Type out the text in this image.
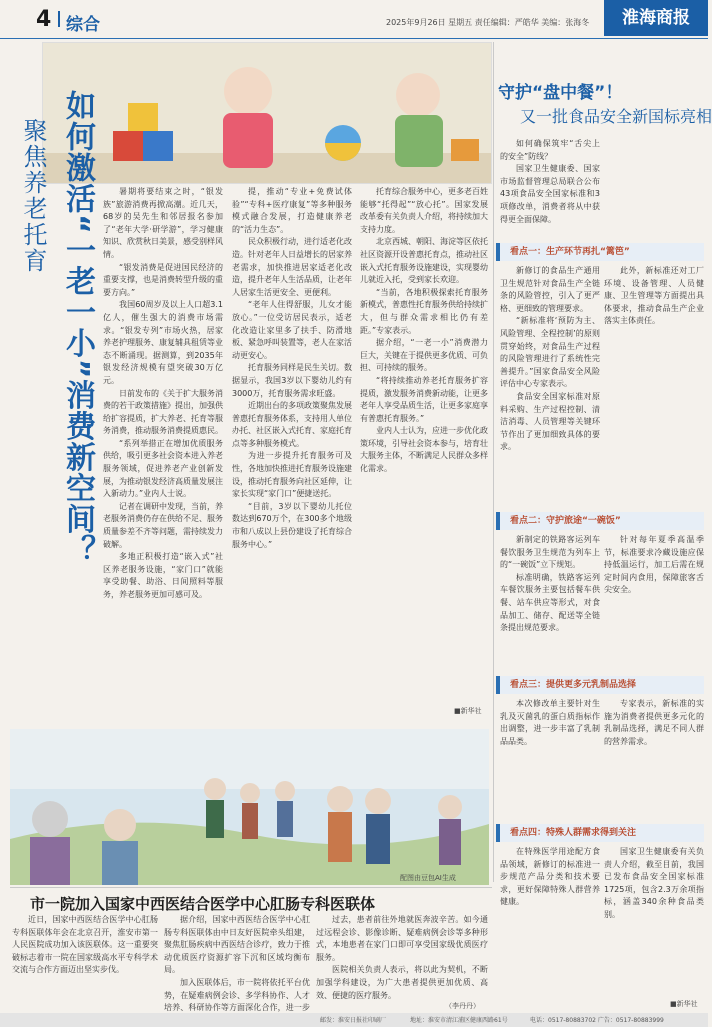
4 综合	2025年9月26日 星期五 责任编辑：严皓华 美编：张海冬	淮海商报
如何激活“一老一小”消费新空间？
聚焦养老托育	暑期将要结束之时，“银发族”旅游消费再掀高潮。近几天，68岁的吴先生和邻居报名参加了“老年大学·研学游”，学习健康知识、欣赏秋日美景，感受别样风情。

“银发消费是促进国民经济的重要支撑，也是消费转型升级的重要方向。”

我国60周岁及以上人口超3.1亿人，催生强大的消费市场需求。“银发专列”市场火热，居家养老护理服务、康复辅具租赁等业态不断涌现。据测算，到2035年银发经济规模有望突破30万亿元。

日前发布的《关于扩大服务消费的若干政策措施》提出，加强供给扩容提质，扩大养老、托育等服务消费，推动服务消费提质惠民。

“系列举措正在增加优质服务供给，吸引更多社会资本进入养老服务领域，促进养老产业创新发展，为推动银发经济高质量发展注入新动力。”业内人士说。

记者在调研中发现，当前，养老服务消费仍存在供给不足、服务质量参差不齐等问题，需持续发力破解。

多地正积极打造“嵌入式”社区养老服务设施，“家门口”就能享受助餐、助浴、日间照料等服务，养老服务更加可感可及。

提，推动“专业+免费试体验”“专科+医疗康复”等多种服务模式融合发展，打造健康养老的“活力生态”。

民众积极行动，进行适老化改造。针对老年人日益增长的居家养老需求，加快推进居家适老化改造，提升老年人生活品质，让老年人居家生活更安全、更便利。

“老年人住得舒服，儿女才能放心。”一位受访居民表示，适老化改造让家里多了扶手、防滑地板、紧急呼叫装置等，老人在家活动更安心。

托育服务同样是民生关切。数据显示，我国3岁以下婴幼儿约有3000万，托育服务需求旺盛。

近期出台的多项政策聚焦发展普惠托育服务体系，支持用人单位办托、社区嵌入式托育、家庭托育点等多种服务模式。

为进一步提升托育服务可及性，各地加快推进托育服务设施建设，推动托育服务向社区延伸，让家长实现“家门口”便捷送托。

“目前，3岁以下婴幼儿托位数达到670万个，在300多个地级市和八成以上县份建设了托育综合服务中心。”

托育综合服务中心，更多老百姓能够“托得起”“放心托”。国家发展改革委有关负责人介绍，将持续加大支持力度。

北京西城、朝阳、海淀等区依托社区资源开设普惠托育点，推动社区嵌入式托育服务设施建设，实现婴幼儿就近入托，受到家长欢迎。

“当前，各地积极探索托育服务新模式，普惠性托育服务供给持续扩大，但与群众需求相比仍有差距。”专家表示。

据介绍，“一老一小”消费潜力巨大，关键在于提供更多优质、可负担、可持续的服务。

“将持续推动养老托育服务扩容提质，激发服务消费新动能，让更多老年人享受品质生活，让更多家庭享有普惠托育服务。”

业内人士认为，应进一步优化政策环境，引导社会资本参与，培育壮大服务主体，不断满足人民群众多样化需求。

■新华社
配图由豆包AI生成
守护“盘中餐”！
又一批食品安全新国标亮相

如何确保筑牢“舌尖上的安全”防线？

国家卫生健康委、国家市场监督管理总局联合公布43项食品安全国家标准和3项修改单，消费者将从中获得更全面保障。

看点一：生产环节再扎“篱笆”

新修订的食品生产通用卫生规范针对食品生产全链条的风险管控，引入了更严格、更细致的管理要求。

“新标准将‘预防为主、风险管理、全程控制’的原则贯穿始终，对食品生产过程的风险管理进行了系统性完善提升。”国家食品安全风险评估中心专家表示。

食品安全国家标准对原料采购、生产过程控制、清洁消毒、人员管理等关键环节作出了更加细致具体的要求。

此外，新标准还对工厂环境、设备管理、人员健康、卫生管理等方面提出具体要求，推动食品生产企业落实主体责任。

看点二：守护旅途“一碗饭”

新制定的铁路客运列车餐饮服务卫生规范为列车上的“一碗饭”立下规矩。

标准明确，铁路客运列车餐饮服务主要包括餐车供餐、站车供应等形式，对食品加工、储存、配送等全链条提出规范要求。

针对每年夏季高温季节，标准要求冷藏设施应保持低温运行，加工后需在规定时间内食用，保障旅客舌尖安全。

看点三：提供更多元乳制品选择

本次修改单主要针对生乳及灭菌乳的蛋白质指标作出调整，进一步丰富了乳制品品类。

专家表示，新标准的实施为消费者提供更多元化的乳制品选择，满足不同人群的营养需求。

看点四：特殊人群需求得到关注

在特殊医学用途配方食品领域，新修订的标准进一步规范产品分类和技术要求，更好保障特殊人群营养健康。

国家卫生健康委有关负责人介绍，截至目前，我国已发布食品安全国家标准1725项，包含2.3万余项指标，涵盖340余种食品类别。

■新华社
市一院加入国家中西医结合医学中心肛肠专科医联体

近日，国家中西医结合医学中心肛肠专科医联体年会在北京召开，淮安市第一人民医院成功加入该医联体。这一重要突破标志着市一院在国家级高水平专科学术交流与合作方面迈出坚实步伐。

据介绍，国家中西医结合医学中心肛肠专科医联体由中日友好医院牵头组建，聚焦肛肠疾病中西医结合诊疗，致力于推动优质医疗资源扩容下沉和区域均衡布局。

加入医联体后，市一院将依托平台优势，在疑难病例会诊、多学科协作、人才培养、科研协作等方面深化合作，进一步

过去，患者前往外地就医奔波辛苦。如今通过远程会诊、影像诊断、疑难病例会诊等多种形式，本地患者在家门口即可享受国家级优质医疗服务。

医院相关负责人表示，将以此为契机，不断加强学科建设，为广大患者提供更加优质、高效、便捷的医疗服务。

（李丹丹）
邮发：淮安日报社印刷厂	地址：淮安市清江浦区健康西路61号	电话：0517-80883702 广告：0517-80883999
